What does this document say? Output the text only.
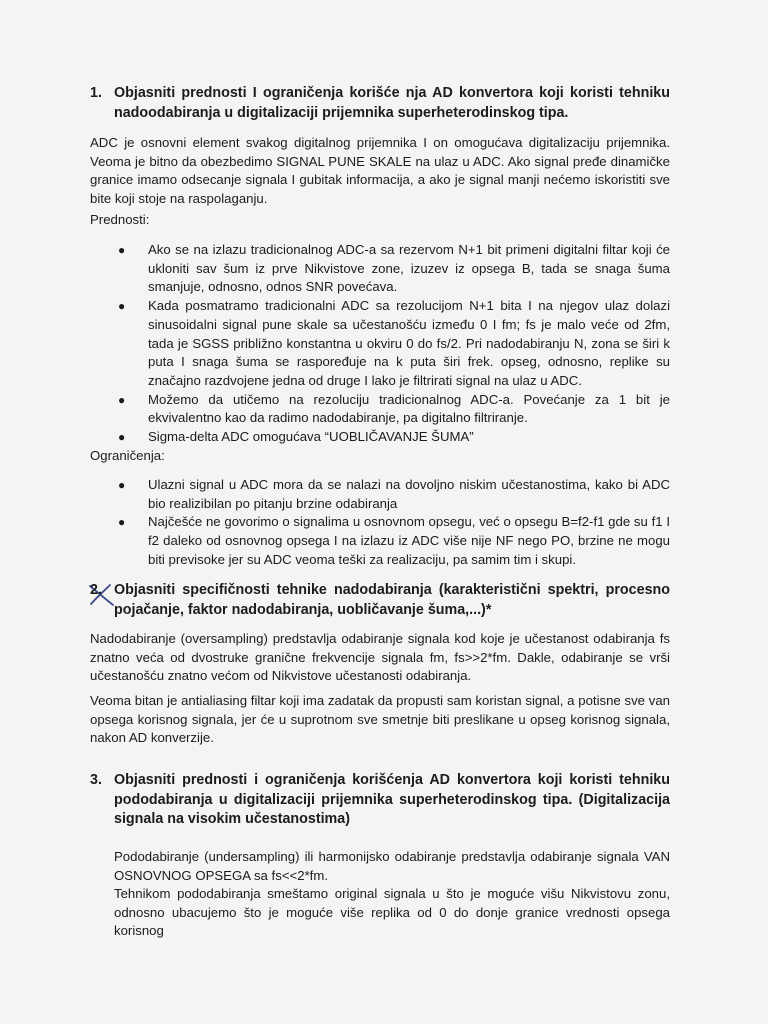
1. Objasniti prednosti I ograničenja korišće nja AD konvertora koji koristi tehniku nadoodabiranja u digitalizaciji prijemnika superheterodinskog tipa.
ADC je osnovni element svakog digitalnog prijemnika I on omogućava digitalizaciju prijemnika. Veoma je bitno da obezbedimo SIGNAL PUNE SKALE na ulaz u ADC. Ako signal pređe dinamičke granice imamo odsecanje signala I gubitak informacija, a ako je signal manji nećemo iskoristiti sve bite koji stoje na raspolaganju.
Prednosti:
● Ako se na izlazu tradicionalnog ADC-a sa rezervom N+1 bit primeni digitalni filtar koji će ukloniti sav šum iz prve Nikvistove zone, izuzev iz opsega B, tada se snaga šuma smanjuje, odnosno, odnos SNR povećava.
● Kada posmatramo tradicionalni ADC sa rezolucijom N+1 bita I na njegov ulaz dolazi sinusoidalni signal pune skale sa učestanošću između 0 I fm; fs je malo veće od 2fm, tada je SGSS približno konstantna u okviru 0 do fs/2. Pri nadodabiranju N, zona se širi k puta I snaga šuma se raspoređuje na k puta širi frek. opseg, odnosno, replike su značajno razdvojene jedna od druge I lako je filtrirati signal na ulaz u ADC.
● Možemo da utičemo na rezoluciju tradicionalnog ADC-a. Povećanje za 1 bit je ekvivalentno kao da radimo nadodabiranje, pa digitalno filtriranje.
● Sigma-delta ADC omogućava “UOBLIČAVANJE ŠUMA”
Ograničenja:
● Ulazni signal u ADC mora da se nalazi na dovoljno niskim učestanostima, kako bi ADC bio realizibilan po pitanju brzine odabiranja
● Najčešće ne govorimo o signalima u osnovnom opsegu, već o opsegu B=f2-f1 gde su f1 I f2 daleko od osnovnog opsega I na izlazu iz ADC više nije NF nego PO, brzine ne mogu biti previsoke jer su ADC veoma teški za realizaciju, pa samim tim i skupi.
2. Objasniti specifičnosti tehnike nadodabiranja (karakteristični spektri, procesno pojačanje, faktor nadodabiranja, uobličavanje šuma,...)*
Nadodabiranje (oversampling) predstavlja odabiranje signala kod koje je učestanost odabiranja fs znatno veća od dvostruke granične frekvencije signala fm, fs>>2*fm. Dakle, odabiranje se vrši učestanošću znatno većom od Nikvistove učestanosti odabiranja.
Veoma bitan je antialiasing filtar koji ima zadatak da propusti sam koristan signal, a potisne sve van opsega korisnog signala, jer će u suprotnom sve smetnje biti preslikane u opseg korisnog signala, nakon AD konverzije.
3. Objasniti prednosti i ograničenja korišćenja AD konvertora koji koristi tehniku pododabiranja u digitalizaciji prijemnika superheterodinskog tipa. (Digitalizacija signala na visokim učestanostima)
Pododabiranje (undersampling) ili harmonijsko odabiranje predstavlja odabiranje signala VAN OSNOVNOG OPSEGA sa fs<<2*fm.
Tehnikom pododabiranja smeštamo original signala u što je moguće višu Nikvistovu zonu, odnosno ubacujemo što je moguće više replika od 0 do donje granice vrednosti opsega korisnog
